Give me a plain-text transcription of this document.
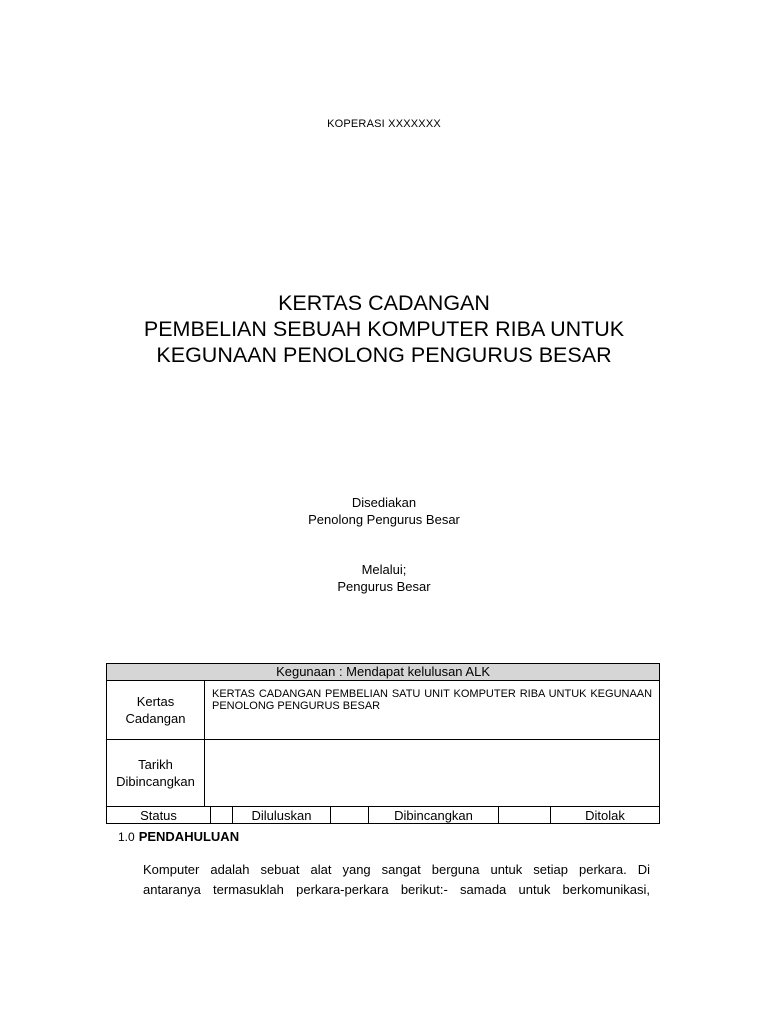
KOPERASI XXXXXXX
KERTAS CADANGAN
PEMBELIAN SEBUAH KOMPUTER RIBA UNTUK
KEGUNAAN PENOLONG PENGURUS BESAR
Disediakan
Penolong Pengurus Besar
Melalui;
Pengurus Besar
Kegunaan : Mendapat kelulusan ALK							

Kertas
Cadangan	KERTAS CADANGAN PEMBELIAN SATU UNIT KOMPUTER RIBA UNTUK KEGUNAAN PENOLONG PENGURUS BESAR						

Tarikh
Dibincangkan							

Status			Diluluskan		Dibincangkan		Ditolak
1.0 PENDAHULUAN
Komputer adalah sebuat alat yang sangat berguna untuk setiap perkara. Di
antaranya termasuklah perkara-perkara berikut:- samada untuk berkomunikasi,
